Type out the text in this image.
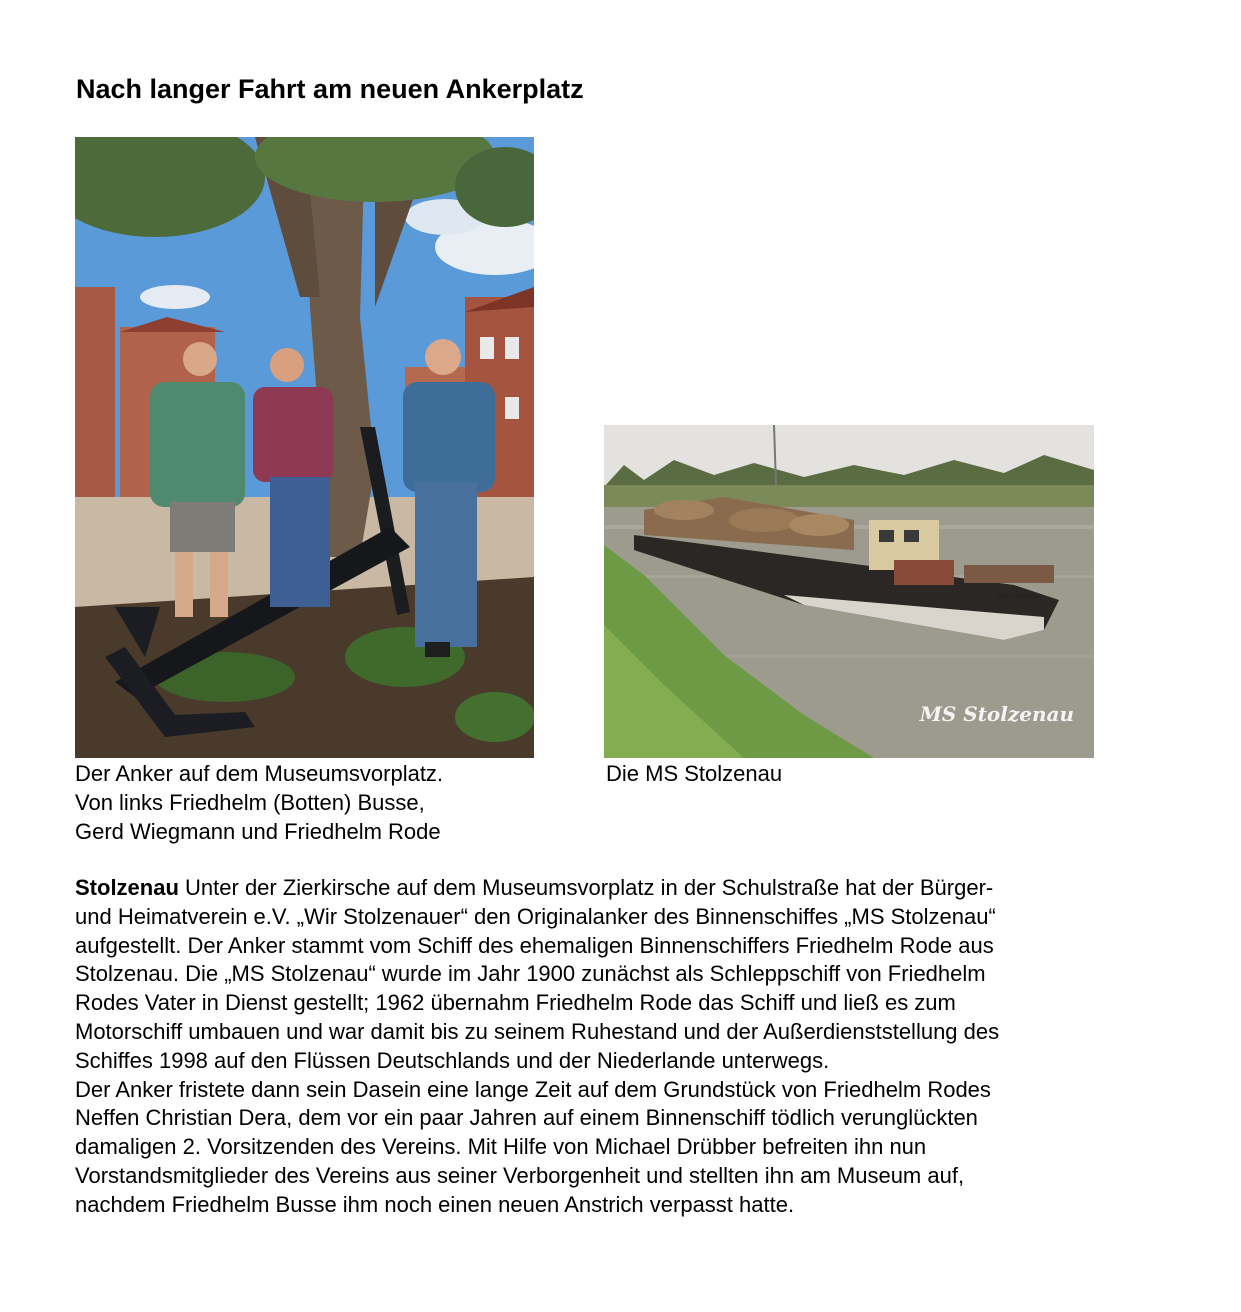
Nach langer Fahrt am neuen Ankerplatz
Der Anker auf dem Museumsvorplatz.
Von links Friedhelm (Botten) Busse,
Gerd Wiegmann und Friedhelm Rode
STOLZENAU
MS Stolzenau
Die MS Stolzenau

Stolzenau Unter der Zierkirsche auf dem Museumsvorplatz in der Schulstraße hat der Bürger-

und Heimatverein e.V. „Wir Stolzenauer“ den Originalanker des Binnenschiffes „MS Stolzenau“

aufgestellt. Der Anker stammt vom Schiff des ehemaligen Binnenschiffers Friedhelm Rode aus

Stolzenau. Die „MS Stolzenau“ wurde im Jahr 1900 zunächst als Schleppschiff von Friedhelm

Rodes Vater in Dienst gestellt; 1962 übernahm Friedhelm Rode das Schiff und ließ es zum

Motorschiff umbauen und war damit bis zu seinem Ruhestand und der Außerdienststellung des

Schiffes 1998 auf den Flüssen Deutschlands und der Niederlande unterwegs.

Der Anker fristete dann sein Dasein eine lange Zeit auf dem Grundstück von Friedhelm Rodes

Neffen Christian Dera, dem vor ein paar Jahren auf einem Binnenschiff tödlich verunglückten

damaligen 2. Vorsitzenden des Vereins. Mit Hilfe von Michael Drübber befreiten ihn nun

Vorstandsmitglieder des Vereins aus seiner Verborgenheit und stellten ihn am Museum auf,

nachdem Friedhelm Busse ihm noch einen neuen Anstrich verpasst hatte.
